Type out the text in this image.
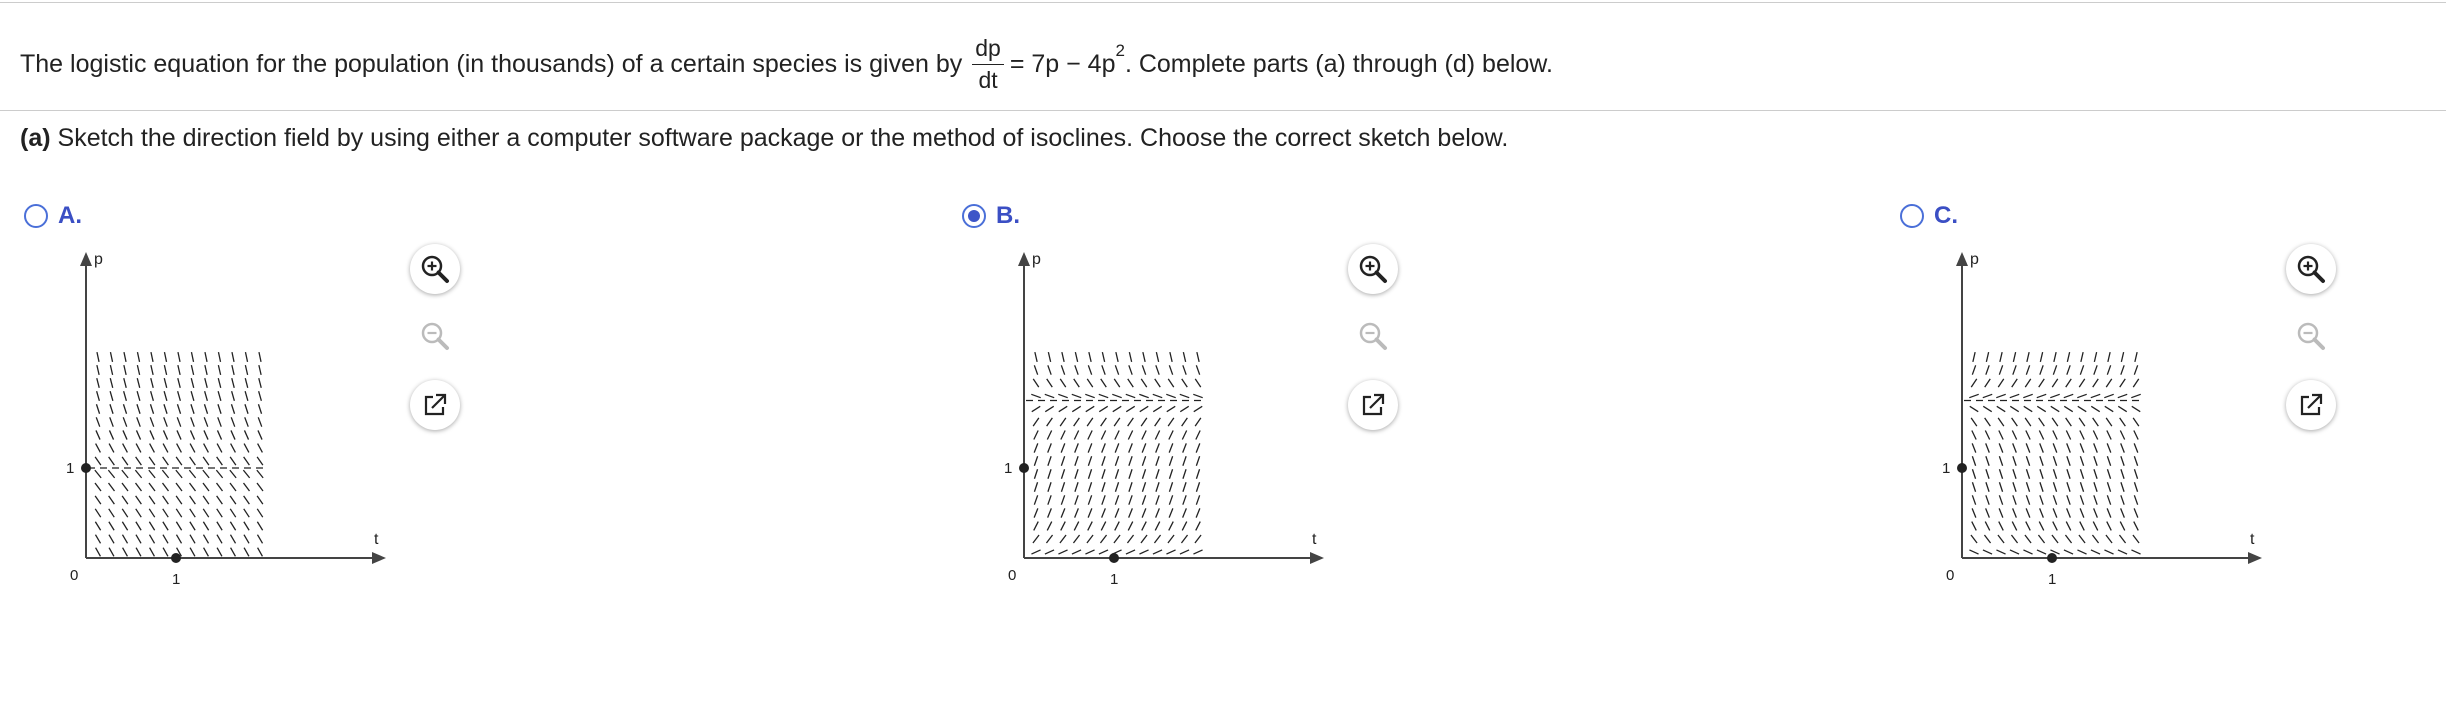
The logistic equation for the population (in thousands) of a certain species is given by $\frac{dp}{dt} = 7p - 4p$ 2 . Complete parts (a) through (d) below.
(a) Sketch the direction field by using either a computer software package or the method of isoclines. Choose the correct sketch below.
A.
p
t
0
1
1
B.
p
t
0
1
1
C.
p
t
0
1
1
